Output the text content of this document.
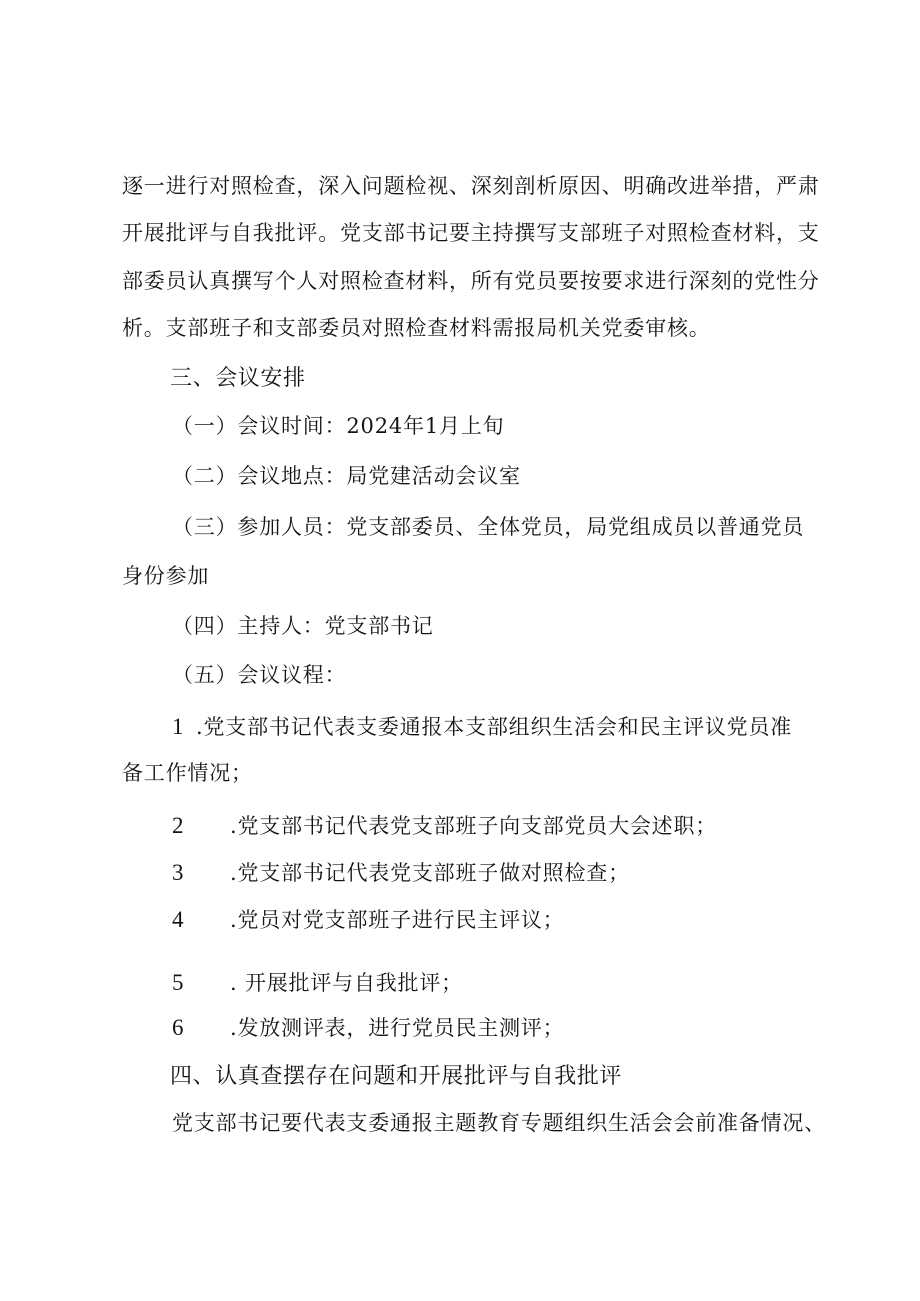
逐一进行对照检查，深入问题检视、深刻剖析原因、明确改进举措，严肃
开展批评与自我批评。党支部书记要主持撰写支部班子对照检查材料，支
部委员认真撰写个人对照检查材料，所有党员要按要求进行深刻的党性分
析。支部班子和支部委员对照检查材料需报局机关党委审核。
三、会议安排
（一）会议时间：2024年1月上旬
（二）会议地点：局党建活动会议室
（三）参加人员：党支部委员、全体党员，局党组成员以普通党员
身份参加
（四）主持人：党支部书记
（五）会议议程：
1 .党支部书记代表支委通报本支部组织生活会和民主评议党员准
备工作情况；
2 .党支部书记代表党支部班子向支部党员大会述职；
3 .党支部书记代表党支部班子做对照检查；
4 .党员对党支部班子进行民主评议；
5 . 开展批评与自我批评；
6 .发放测评表，进行党员民主测评；
四、认真查摆存在问题和开展批评与自我批评
党支部书记要代表支委通报主题教育专题组织生活会会前准备情况、
